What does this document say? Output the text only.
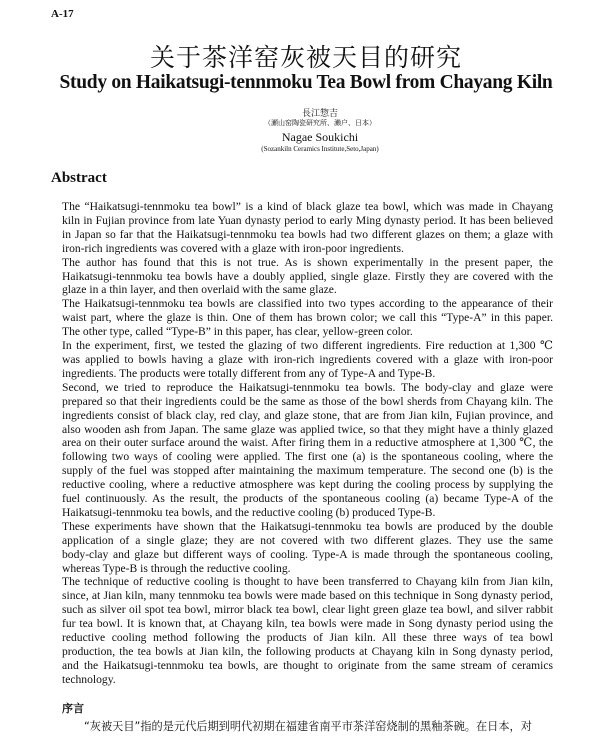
A-17
关于茶洋窑灰被天目的研究
Study on Haikatsugi-tennmoku Tea Bowl from Chayang Kiln
長江惣吉
（瀬山窑陶瓷研究所、濑户、日本）
Nagae Soukichi
(Sozankiln Ceramics Institute,Seto,Japan)
Abstract
The “Haikatsugi-tennmoku tea bowl” is a kind of black glaze tea bowl, which was made in Chayang
kiln in Fujian province from late Yuan dynasty period to early Ming dynasty period. It has been believed
in Japan so far that the Haikatsugi-tennmoku tea bowls had two different glazes on them; a glaze with
iron-rich ingredients was covered with a glaze with iron-poor ingredients.
The author has found that this is not true. As is shown experimentally in the present paper, the
Haikatsugi-tennmoku tea bowls have a doubly applied, single glaze. Firstly they are covered with the
glaze in a thin layer, and then overlaid with the same glaze.
The Haikatsugi-tennmoku tea bowls are classified into two types according to the appearance of their
waist part, where the glaze is thin. One of them has brown color; we call this “Type-A” in this paper.
The other type, called “Type-B” in this paper, has clear, yellow-green color.
In the experiment, first, we tested the glazing of two different ingredients. Fire reduction at 1,300 ℃
was applied to bowls having a glaze with iron-rich ingredients covered with a glaze with iron-poor
ingredients. The products were totally different from any of Type-A and Type-B.
Second, we tried to reproduce the Haikatsugi-tennmoku tea bowls. The body-clay and glaze were
prepared so that their ingredients could be the same as those of the bowl sherds from Chayang kiln. The
ingredients consist of black clay, red clay, and glaze stone, that are from Jian kiln, Fujian province, and
also wooden ash from Japan. The same glaze was applied twice, so that they might have a thinly glazed
area on their outer surface around the waist. After firing them in a reductive atmosphere at 1,300 ℃, the
following two ways of cooling were applied. The first one (a) is the spontaneous cooling, where the
supply of the fuel was stopped after maintaining the maximum temperature. The second one (b) is the
reductive cooling, where a reductive atmosphere was kept during the cooling process by supplying the
fuel continuously. As the result, the products of the spontaneous cooling (a) became Type-A of the
Haikatsugi-tennmoku tea bowls, and the reductive cooling (b) produced Type-B.
These experiments have shown that the Haikatsugi-tennmoku tea bowls are produced by the double
application of a single glaze; they are not covered with two different glazes. They use the same
body-clay and glaze but different ways of cooling. Type-A is made through the spontaneous cooling,
whereas Type-B is through the reductive cooling.
The technique of reductive cooling is thought to have been transferred to Chayang kiln from Jian kiln,
since, at Jian kiln, many tennmoku tea bowls were made based on this technique in Song dynasty period,
such as silver oil spot tea bowl, mirror black tea bowl, clear light green glaze tea bowl, and silver rabbit
fur tea bowl. It is known that, at Chayang kiln, tea bowls were made in Song dynasty period using the
reductive cooling method following the products of Jian kiln. All these three ways of tea bowl
production, the tea bowls at Jian kiln, the following products at Chayang kiln in Song dynasty period,
and the Haikatsugi-tennmoku tea bowls, are thought to originate from the same stream of ceramics
technology.
序言
“灰被天目”指的是元代后期到明代初期在福建省南平市茶洋窑烧制的黑釉茶碗。在日本，对
